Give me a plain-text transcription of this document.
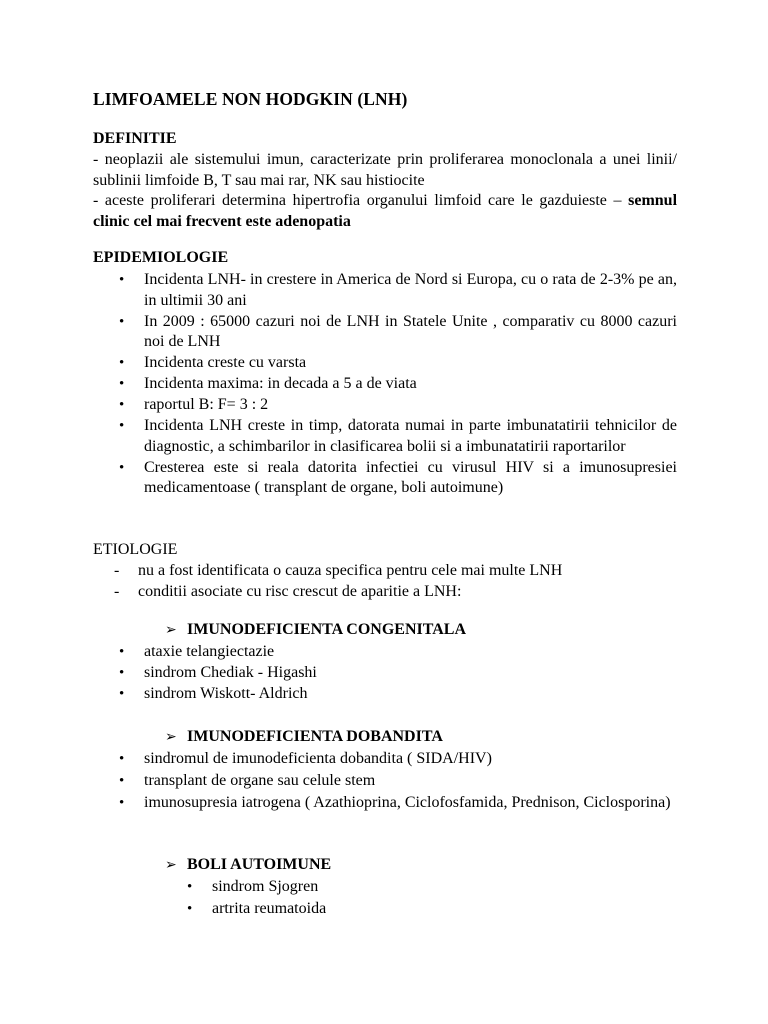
LIMFOAMELE NON HODGKIN (LNH)
DEFINITIE
- neoplazii ale sistemului imun, caracterizate prin proliferarea monoclonala a unei linii/ sublinii limfoide B, T sau mai rar, NK sau histiocite
- aceste proliferari determina hipertrofia organului limfoid care le gazduieste – semnul clinic cel mai frecvent este adenopatia
EPIDEMIOLOGIE
• Incidenta LNH- in crestere in America de Nord si Europa, cu o rata de 2-3% pe an, in ultimii 30 ani
• In 2009 : 65000 cazuri noi de LNH in Statele Unite , comparativ cu 8000 cazuri noi de LNH
• Incidenta creste cu varsta
• Incidenta maxima: in decada a 5 a de viata
• raportul B: F= 3 : 2
• Incidenta LNH creste in timp, datorata numai in parte imbunatatirii tehnicilor de diagnostic, a schimbarilor in clasificarea bolii si a imbunatatirii raportarilor
• Cresterea este si reala datorita infectiei cu virusul HIV si a imunosupresiei medicamentoase ( transplant de organe, boli autoimune)
ETIOLOGIE
- nu a fost identificata o cauza specifica pentru cele mai multe LNH
- conditii asociate cu risc crescut de aparitie a LNH:
➢ IMUNODEFICIENTA CONGENITALA
• ataxie telangiectazie
• sindrom Chediak - Higashi
• sindrom Wiskott- Aldrich
➢ IMUNODEFICIENTA DOBANDITA
• sindromul de imunodeficienta dobandita ( SIDA/HIV)
• transplant de organe sau celule stem
• imunosupresia iatrogena ( Azathioprina, Ciclofosfamida, Prednison, Ciclosporina)
➢ BOLI AUTOIMUNE
• sindrom Sjogren
• artrita reumatoida
